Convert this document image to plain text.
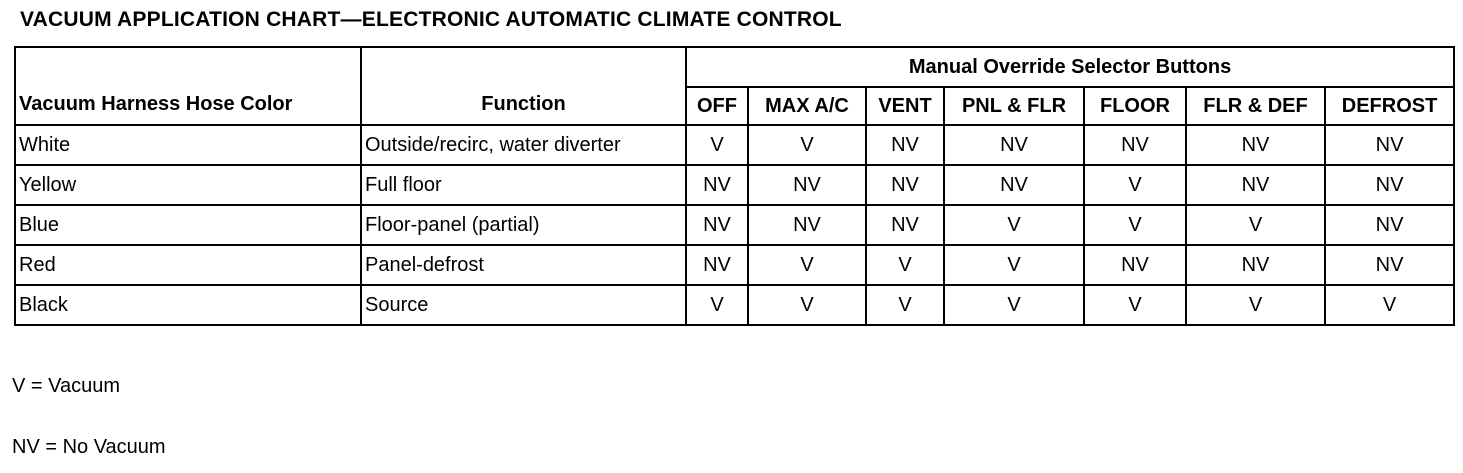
VACUUM APPLICATION CHART—ELECTRONIC AUTOMATIC CLIMATE CONTROL
Vacuum Harness Hose Color	Function	Manual Override Selector Buttons						
		OFF	MAX A/C	VENT	PNL & FLR	FLOOR	FLR & DEF	DEFROST
White	Outside/recirc, water diverter	V	V	NV	NV	NV	NV	NV
Yellow	Full floor	NV	NV	NV	NV	V	NV	NV
Blue	Floor-panel (partial)	NV	NV	NV	V	V	V	NV
Red	Panel-defrost	NV	V	V	V	NV	NV	NV
Black	Source	V	V	V	V	V	V	V
V = Vacuum
NV = No Vacuum
